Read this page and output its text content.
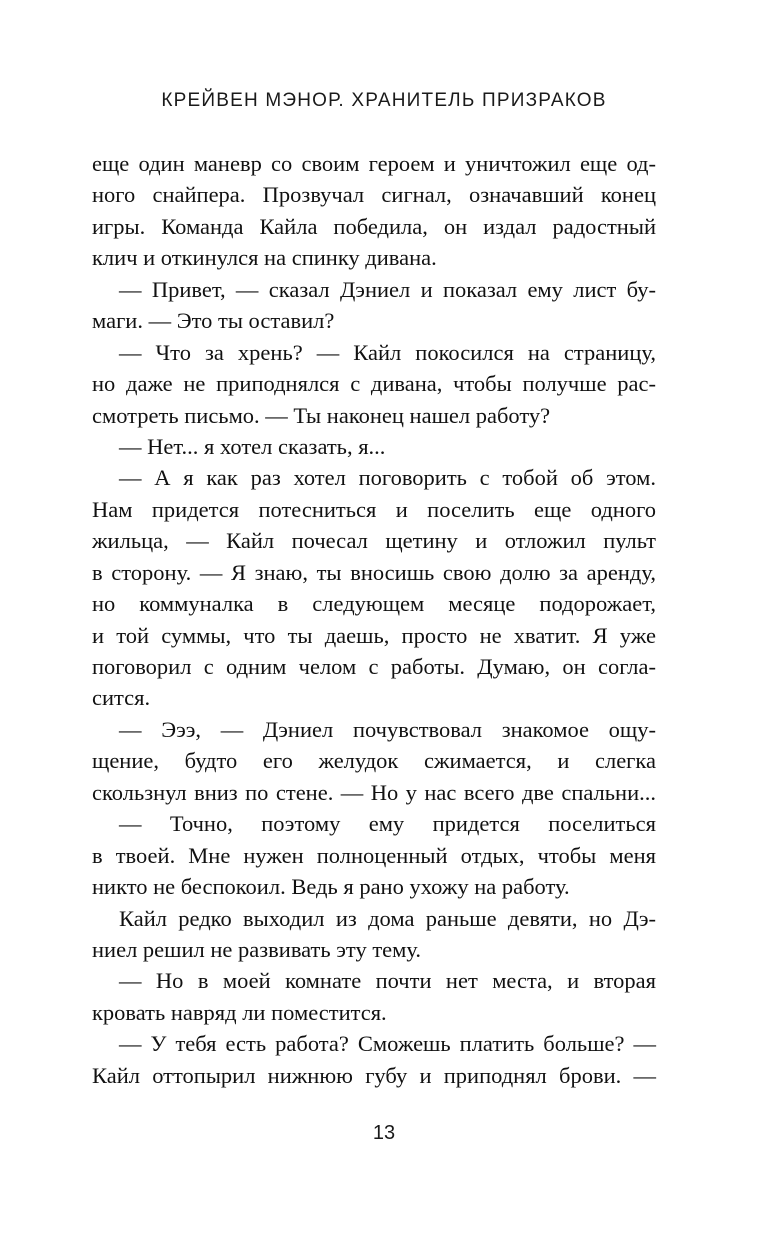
КРЕЙВЕН МЭНОР. ХРАНИТЕЛЬ ПРИЗРАКОВ
еще один маневр со своим героем и уничтожил еще од-
ного снайпера. Прозвучал сигнал, означавший конец
игры. Команда Кайла победила, он издал радостный
клич и откинулся на спинку дивана.
— Привет, — сказал Дэниел и показал ему лист бу-
маги. — Это ты оставил?
— Что за хрень? — Кайл покосился на страницу,
но даже не приподнялся с дивана, чтобы получше рас-
смотреть письмо. — Ты наконец нашел работу?
— Нет... я хотел сказать, я...
— А я как раз хотел поговорить с тобой об этом.
Нам придется потесниться и поселить еще одного
жильца, — Кайл почесал щетину и отложил пульт
в сторону. — Я знаю, ты вносишь свою долю за аренду,
но коммуналка в следующем месяце подорожает,
и той суммы, что ты даешь, просто не хватит. Я уже
поговорил с одним челом с работы. Думаю, он согла-
сится.
— Эээ, — Дэниел почувствовал знакомое ощу-
щение, будто его желудок сжимается, и слегка
скользнул вниз по стене. — Но у нас всего две спальни...
— Точно, поэтому ему придется поселиться
в твоей. Мне нужен полноценный отдых, чтобы меня
никто не беспокоил. Ведь я рано ухожу на работу.
Кайл редко выходил из дома раньше девяти, но Дэ-
ниел решил не развивать эту тему.
— Но в моей комнате почти нет места, и вторая
кровать навряд ли поместится.
— У тебя есть работа? Сможешь платить больше? —
Кайл оттопырил нижнюю губу и приподнял брови. —
13
